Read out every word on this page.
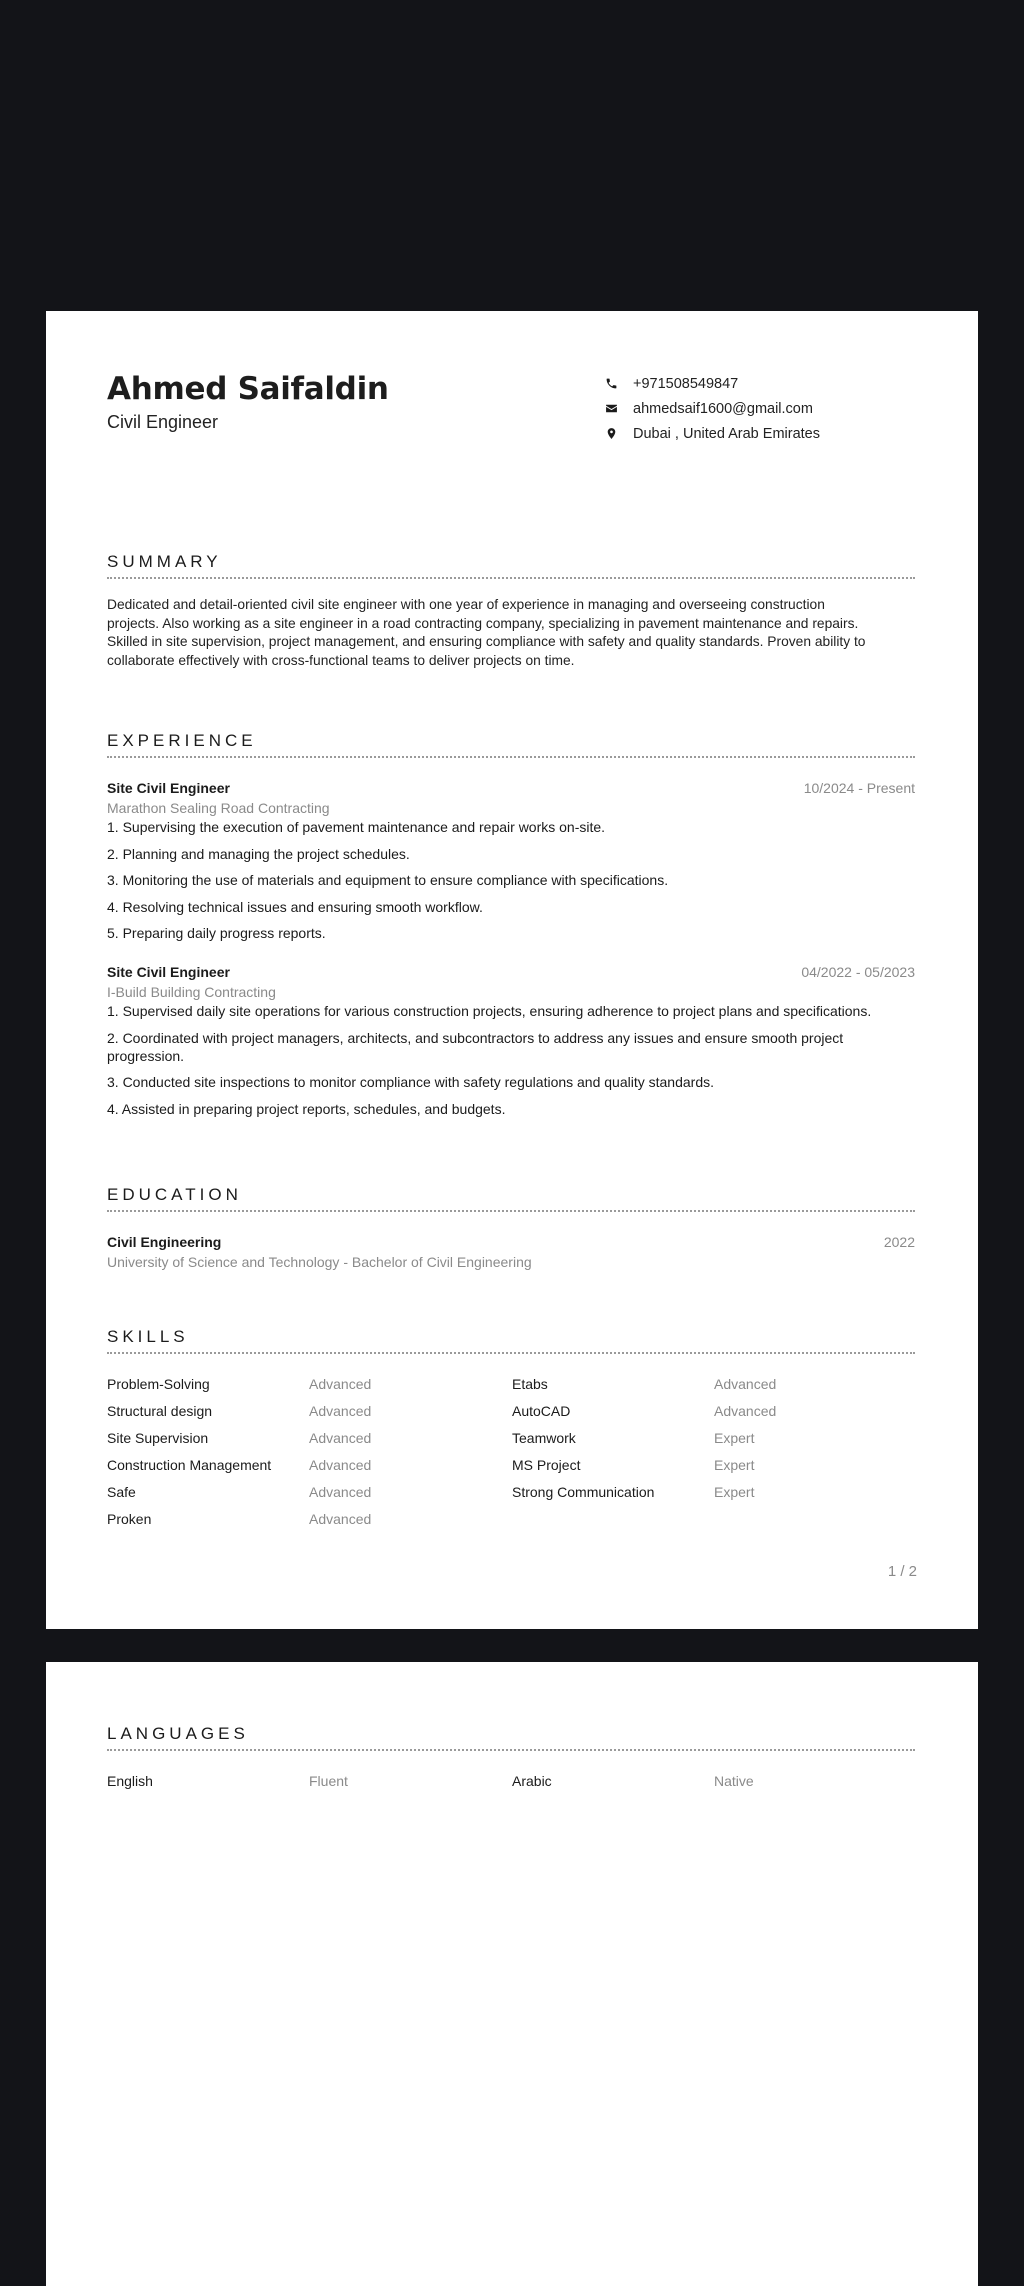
Ahmed Saifaldin
Civil Engineer
+971508549847
ahmedsaif1600@gmail.com
Dubai , United Arab Emirates
SUMMARY
Dedicated and detail-oriented civil site engineer with one year of experience in managing and overseeing construction
projects. Also working as a site engineer in a road contracting company, specializing in pavement maintenance and repairs.
Skilled in site supervision, project management, and ensuring compliance with safety and quality standards. Proven ability to
collaborate effectively with cross-functional teams to deliver projects on time.
EXPERIENCE
Site Civil Engineer	10/2024 - Present
Marathon Sealing Road Contracting
1. Supervising the execution of pavement maintenance and repair works on-site.
2. Planning and managing the project schedules.
3. Monitoring the use of materials and equipment to ensure compliance with specifications.
4. Resolving technical issues and ensuring smooth workflow.
5. Preparing daily progress reports.
Site Civil Engineer	04/2022 - 05/2023
I-Build Building Contracting
1. Supervised daily site operations for various construction projects, ensuring adherence to project plans and specifications.
2. Coordinated with project managers, architects, and subcontractors to address any issues and ensure smooth project progression.
3. Conducted site inspections to monitor compliance with safety regulations and quality standards.
4. Assisted in preparing project reports, schedules, and budgets.
EDUCATION
Civil Engineering	2022
University of Science and Technology - Bachelor of Civil Engineering
SKILLS
Problem-Solving	Advanced	Etabs	Advanced
Structural design	Advanced	AutoCAD	Advanced
Site Supervision	Advanced	Teamwork	Expert
Construction Management	Advanced	MS Project	Expert
Safe	Advanced	Strong Communication	Expert
Proken	Advanced
1 / 2
LANGUAGES
English	Fluent	Arabic	Native
